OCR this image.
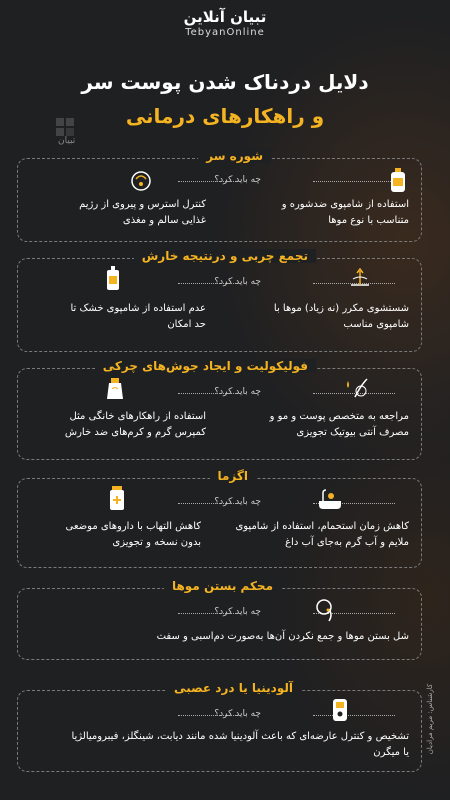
تبیان آنلاین
TebyanOnline
دلایل دردناک شدن پوست سر
و راهکارهای درمانی
تبيان
شوره سر
چه باید کرد؟
استفاده از شامپوی ضدشوره و متناسب با نوع موها
کنترل استرس و پیروی از رژیم غذایی سالم و مغذی
تجمع چربی و درنتیجه خارش
چه باید کرد؟
شستشوی مکرر (نه زیاد) موها با شامپوی مناسب
عدم استفاده از شامپوی خشک تا حد امکان
فولیکولیت و ایجاد جوش‌های چرکی
چه باید کرد؟
مراجعه به متخصص پوست و مو و مصرف آنتی بیوتیک تجویزی
استفاده از راهکارهای خانگی مثل کمپرس گرم و کرم‌های ضد خارش
اگزما
چه باید کرد؟
کاهش زمان استحمام، استفاده از شامپوی ملایم و آب گرم به‌جای آب داغ
کاهش التهاب با داروهای موضعی بدون نسخه و تجویزی
محکم بستن موها
چه باید کرد؟
شل بستن موها و جمع نکردن آن‌ها به‌صورت دم‌اسبی و سفت
آلودینیا یا درد عصبی
چه باید کرد؟
تشخیص و کنترل عارضه‌ای که باعث آلودینیا شده مانند دیابت، شینگلز، فیبرومیالژیا یا میگرن کارشناس: مریم مرادیان
